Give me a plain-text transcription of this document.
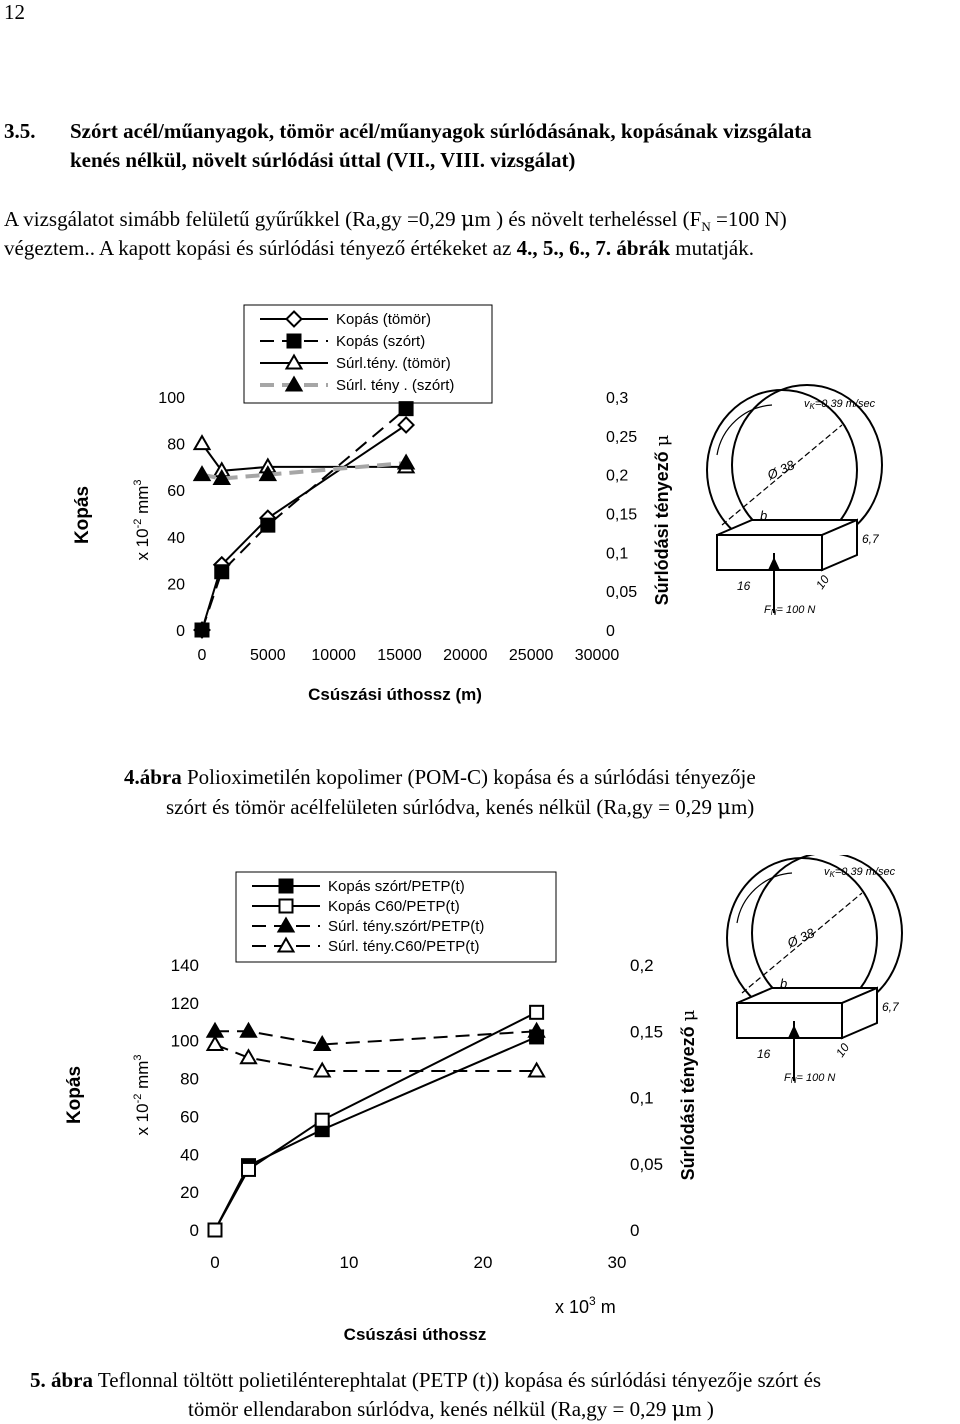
12
3.5. Szórt acél/műanyagok, tömör acél/műanyagok súrlódásának, kopásának vizsgálata
kenés nélkül, növelt súrlódási úttal (VII., VIII. vizsgálat)
A vizsgálatot simább felületű gyűrűkkel (Ra,gy =0,29 μm ) és növelt terheléssel ($F_N =100$ N)
végeztem.. A kapott kopási és súrlódási tényező értékeket az 4., 5., 6., 7. ábrák mutatják.
0
20
40
60
80
100
0
0,05
0,1
0,15
0,2
0,25
0,3
0	5000 10000 15000 20000 25000 30000
Csúszási úthossz (m)
Kopás
x $10^{-2}$ $mm^3$	Súrlódási tényező μ
Kopás (tömör)
Kopás (szórt)
Súrl.tény. (tömör)
Súrl. tény . (szórt)
vK=0,39 m/sec
Ø 38
b
6,7
16	10
FN= 100 N
4.ábra Polioximetilén kopolimer (POM-C) kopása és a súrlódási tényezője
szórt és tömör acélfelületen súrlódva, kenés nélkül (Ra,gy = 0,29 μm)
0
20
40
60
80
100
120
140
0
0,05
0,1
0,15
0,2
0	10	20	30
Csúszási úthossz
x $10^3$ m
Kopás	x $10^{-2}$ $mm^3$	Súrlódási tényező μ
Kopás szórt/PETP(t)
Kopás C60/PETP(t)
Súrl. tény.szórt/PETP(t)
Súrl. tény.C60/PETP(t)
vK=0,39 m/sec
Ø 38
b
6,7
16	10
FN= 100 N
5. ábra Teflonnal töltött polietilénterephtalat (PETP (t)) kopása és súrlódási tényezője szórt és
tömör ellendarabon súrlódva, kenés nélkül (Ra,gy = 0,29 μm )
